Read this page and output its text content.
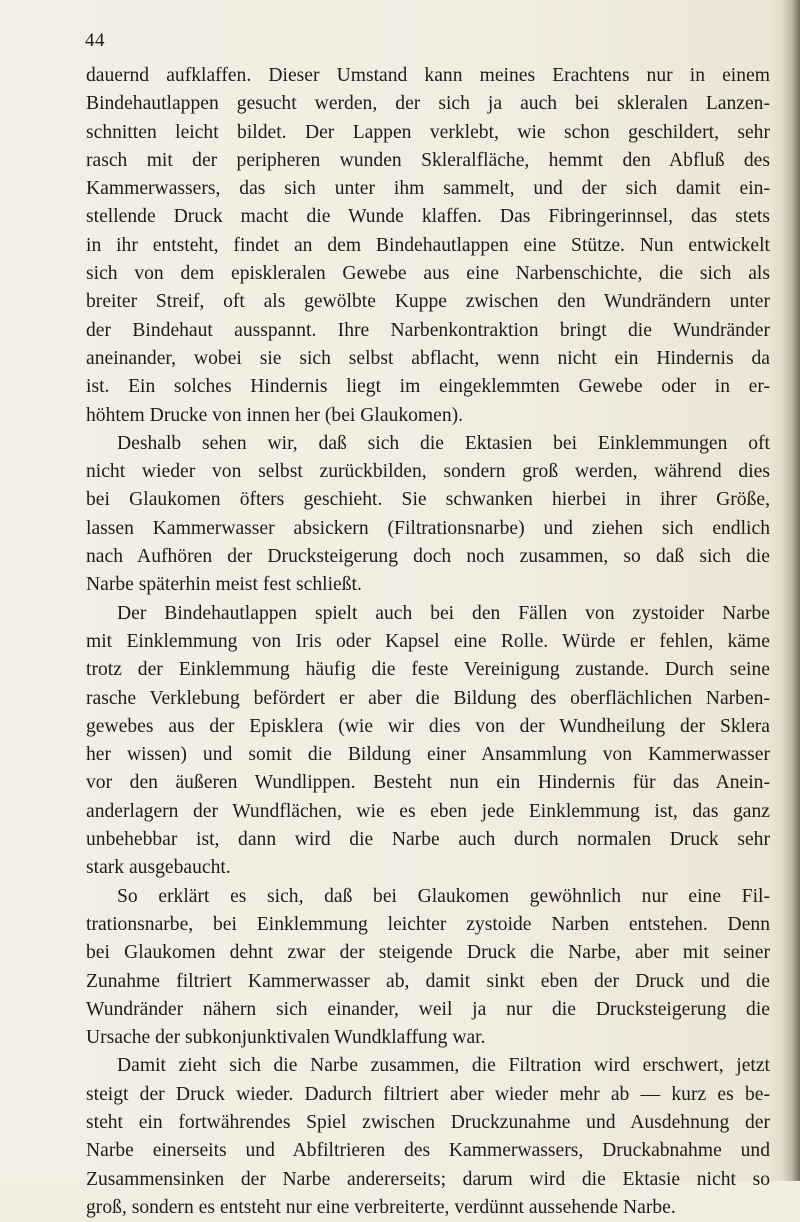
44
dauernd aufklaffen. Dieser Umstand kann meines Erachtens nur in einem
Bindehautlappen gesucht werden, der sich ja auch bei skleralen Lanzen-
schnitten leicht bildet. Der Lappen verklebt, wie schon geschildert, sehr
rasch mit der peripheren wunden Skleralfläche, hemmt den Abfluß des
Kammerwassers, das sich unter ihm sammelt, und der sich damit ein-
stellende Druck macht die Wunde klaffen. Das Fibringerinnsel, das stets
in ihr entsteht, findet an dem Bindehautlappen eine Stütze. Nun entwickelt
sich von dem episkleralen Gewebe aus eine Narbenschichte, die sich als
breiter Streif, oft als gewölbte Kuppe zwischen den Wundrändern unter
der Bindehaut ausspannt. Ihre Narbenkontraktion bringt die Wundränder
aneinander, wobei sie sich selbst abflacht, wenn nicht ein Hindernis da
ist. Ein solches Hindernis liegt im eingeklemmten Gewebe oder in er-
höhtem Drucke von innen her (bei Glaukomen).
Deshalb sehen wir, daß sich die Ektasien bei Einklemmungen oft
nicht wieder von selbst zurückbilden, sondern groß werden, während dies
bei Glaukomen öfters geschieht. Sie schwanken hierbei in ihrer Größe,
lassen Kammerwasser absickern (Filtrationsnarbe) und ziehen sich endlich
nach Aufhören der Drucksteigerung doch noch zusammen, so daß sich die
Narbe späterhin meist fest schließt.
Der Bindehautlappen spielt auch bei den Fällen von zystoider Narbe
mit Einklemmung von Iris oder Kapsel eine Rolle. Würde er fehlen, käme
trotz der Einklemmung häufig die feste Vereinigung zustande. Durch seine
rasche Verklebung befördert er aber die Bildung des oberflächlichen Narben-
gewebes aus der Episklera (wie wir dies von der Wundheilung der Sklera
her wissen) und somit die Bildung einer Ansammlung von Kammerwasser
vor den äußeren Wundlippen. Besteht nun ein Hindernis für das Anein-
anderlagern der Wundflächen, wie es eben jede Einklemmung ist, das ganz
unbehebbar ist, dann wird die Narbe auch durch normalen Druck sehr
stark ausgebaucht.
So erklärt es sich, daß bei Glaukomen gewöhnlich nur eine Fil-
trationsnarbe, bei Einklemmung leichter zystoide Narben entstehen. Denn
bei Glaukomen dehnt zwar der steigende Druck die Narbe, aber mit seiner
Zunahme filtriert Kammerwasser ab, damit sinkt eben der Druck und die
Wundränder nähern sich einander, weil ja nur die Drucksteigerung die
Ursache der subkonjunktivalen Wundklaffung war.
Damit zieht sich die Narbe zusammen, die Filtration wird erschwert, jetzt
steigt der Druck wieder. Dadurch filtriert aber wieder mehr ab — kurz es be-
steht ein fortwährendes Spiel zwischen Druckzunahme und Ausdehnung der
Narbe einerseits und Abfiltrieren des Kammerwassers, Druckabnahme und
Zusammensinken der Narbe andererseits; darum wird die Ektasie nicht so
groß, sondern es entsteht nur eine verbreiterte, verdünnt aussehende Narbe.
